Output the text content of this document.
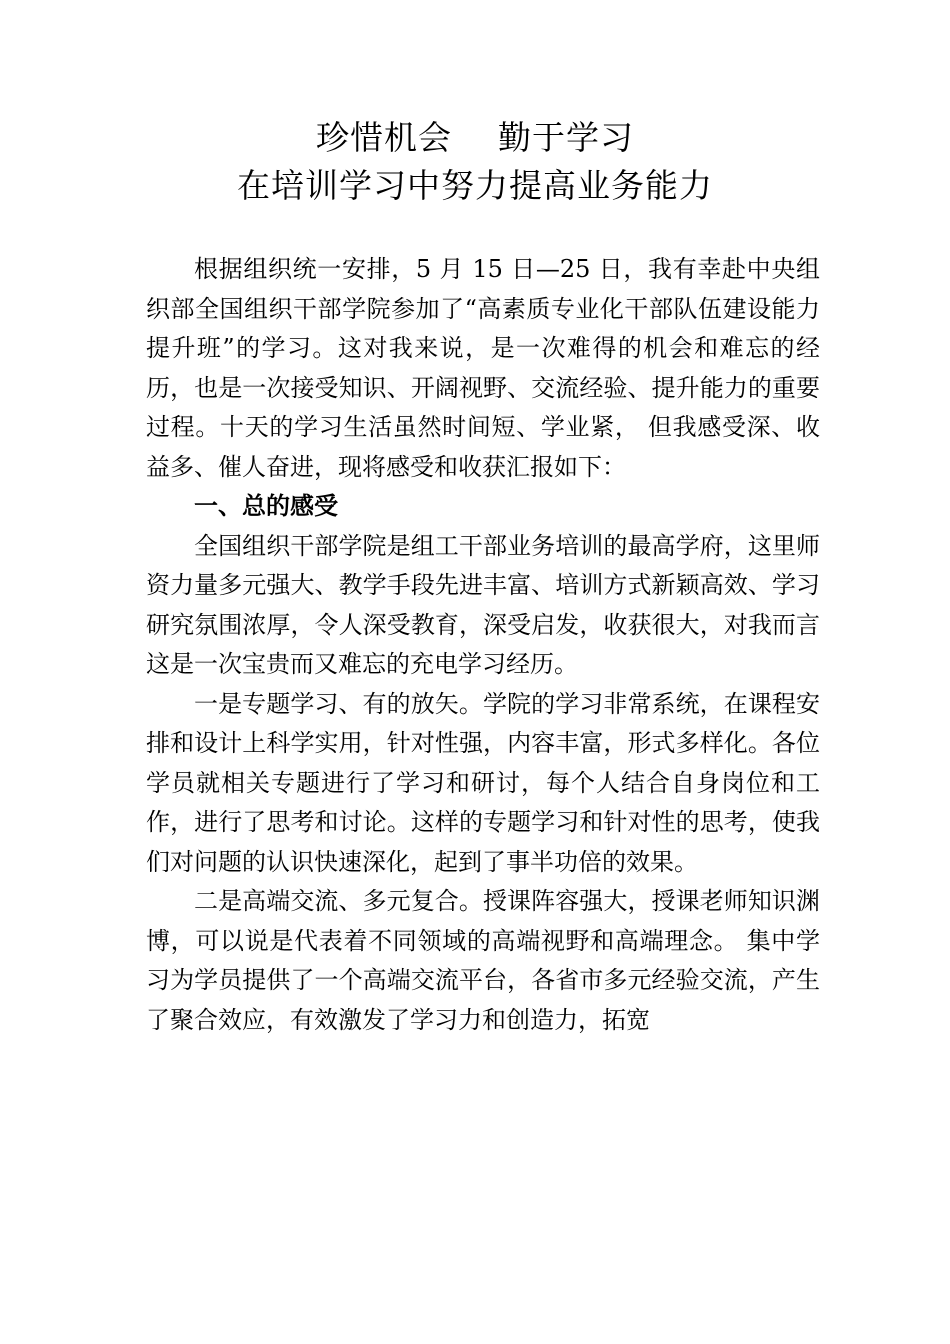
珍惜机会    勤于学习
在培训学习中努力提高业务能力

根据组织统一安排，5 月 15 日—25 日，我有幸赴中央组织部全国组织干部学院参加了“高素质专业化干部队伍建设能力提升班”的学习。这对我来说，是一次难得的机会和难忘的经历，也是一次接受知识、开阔视野、交流经验、提升能力的重要过程。十天的学习生活虽然时间短、学业紧， 但我感受深、收益多、催人奋进，现将感受和收获汇报如下：

一、总的感受

全国组织干部学院是组工干部业务培训的最高学府，这里师资力量多元强大、教学手段先进丰富、培训方式新颖高效、学习研究氛围浓厚，令人深受教育，深受启发，收获很大，对我而言这是一次宝贵而又难忘的充电学习经历。

一是专题学习、有的放矢。学院的学习非常系统，在课程安排和设计上科学实用，针对性强，内容丰富，形式多样化。各位学员就相关专题进行了学习和研讨，每个人结合自身岗位和工作，进行了思考和讨论。这样的专题学习和针对性的思考，使我们对问题的认识快速深化，起到了事半功倍的效果。

二是高端交流、多元复合。授课阵容强大，授课老师知识渊博，可以说是代表着不同领域的高端视野和高端理念。 集中学习为学员提供了一个高端交流平台，各省市多元经验交流，产生了聚合效应，有效激发了学习力和创造力，拓宽
